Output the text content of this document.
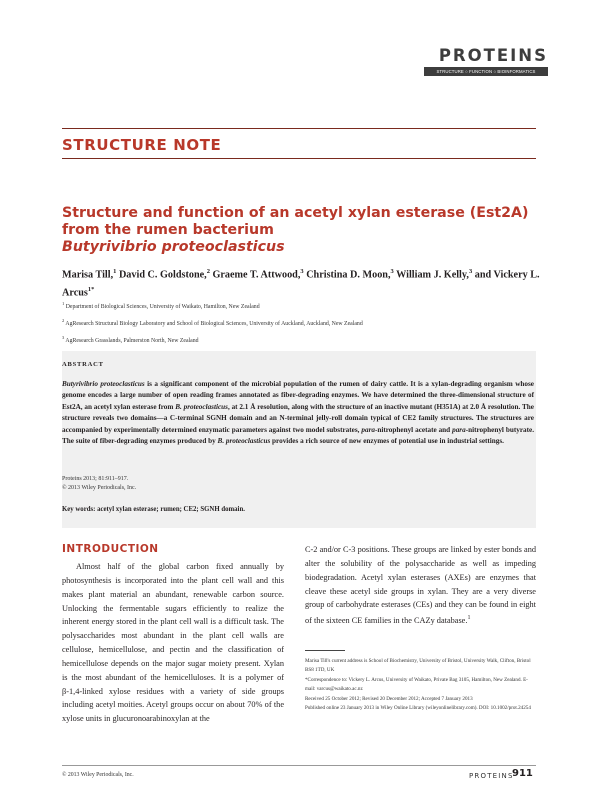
PROTEINS
STRUCTURE ○ FUNCTION ○ BIOINFORMATICS
STRUCTURE NOTE
Structure and function of an acetyl xylan esterase (Est2A) from the rumen bacterium
Butyrivibrio proteoclasticus
Marisa Till,$^1$ David C. Goldstone,$^2$ Graeme T. Attwood,$^3$ Christina D. Moon,$^3$ William J. Kelly,$^3$ and Vickery L. Arcus$^{1*}$
$^1$ Department of Biological Sciences, University of Waikato, Hamilton, New Zealand
$^2$ AgResearch Structural Biology Laboratory and School of Biological Sciences, University of Auckland, Auckland, New Zealand
$^3$ AgResearch Grasslands, Palmerston North, New Zealand
ABSTRACT
Butyrivibrio proteoclasticus is a significant component of the microbial population of the rumen of dairy cattle. It is a xylan-degrading organism whose genome encodes a large number of open reading frames annotated as fiber-degrading enzymes. We have determined the three-dimensional structure of Est2A, an acetyl xylan esterase from B. proteoclasticus, at 2.1 Å resolution, along with the structure of an inactive mutant (H351A) at 2.0 Å resolution. The structure reveals two domains—a C-terminal SGNH domain and an N-terminal jelly-roll domain typical of CE2 family structures. The structures are accompanied by experimentally determined enzymatic parameters against two model substrates, para-nitrophenyl acetate and para-nitrophenyl butyrate. The suite of fiber-degrading enzymes produced by B. proteoclasticus provides a rich source of new enzymes of potential use in industrial settings.
Proteins 2013; 81:911–917.
© 2013 Wiley Periodicals, Inc.
Key words: acetyl xylan esterase; rumen; CE2; SGNH domain.
INTRODUCTION
Almost half of the global carbon fixed annually by photosynthesis is incorporated into the plant cell wall and this makes plant material an abundant, renewable carbon source. Unlocking the fermentable sugars efficiently to realize the inherent energy stored in the plant cell wall is a difficult task. The polysaccharides most abundant in the plant cell walls are cellulose, hemicellulose, and pectin and the classification of hemicellulose depends on the major sugar moiety present. Xylan is the most abundant of the hemicelluloses. It is a polymer of β-1,4-linked xylose residues with a variety of side groups including acetyl moities. Acetyl groups occur on about 70% of the xylose units in glucuronoarabinoxylan at the
C-2 and/or C-3 positions. These groups are linked by ester bonds and alter the solubility of the polysaccharide as well as impeding biodegradation. Acetyl xylan esterases (AXEs) are enzymes that cleave these acetyl side groups in xylan. They are a very diverse group of carbohydrate esterases (CEs) and they can be found in eight of the sixteen CE families in the CAZy database.$^1$

Marisa Till's current address is School of Biochemistry, University of Bristol, University Walk, Clifton, Bristol BS8 1TD, UK

*Correspondence to: Vickery L. Arcus, University of Waikato, Private Bag 3105, Hamilton, New Zealand. E-mail: varcus@waikato.ac.nz

Received 25 October 2012; Revised 20 December 2012; Accepted 7 January 2013
Published online 23 January 2013 in Wiley Online Library (wileyonlinelibrary.com). DOI: 10.1002/prot.24254
© 2013 Wiley Periodicals, Inc.	PROTEINS
911
